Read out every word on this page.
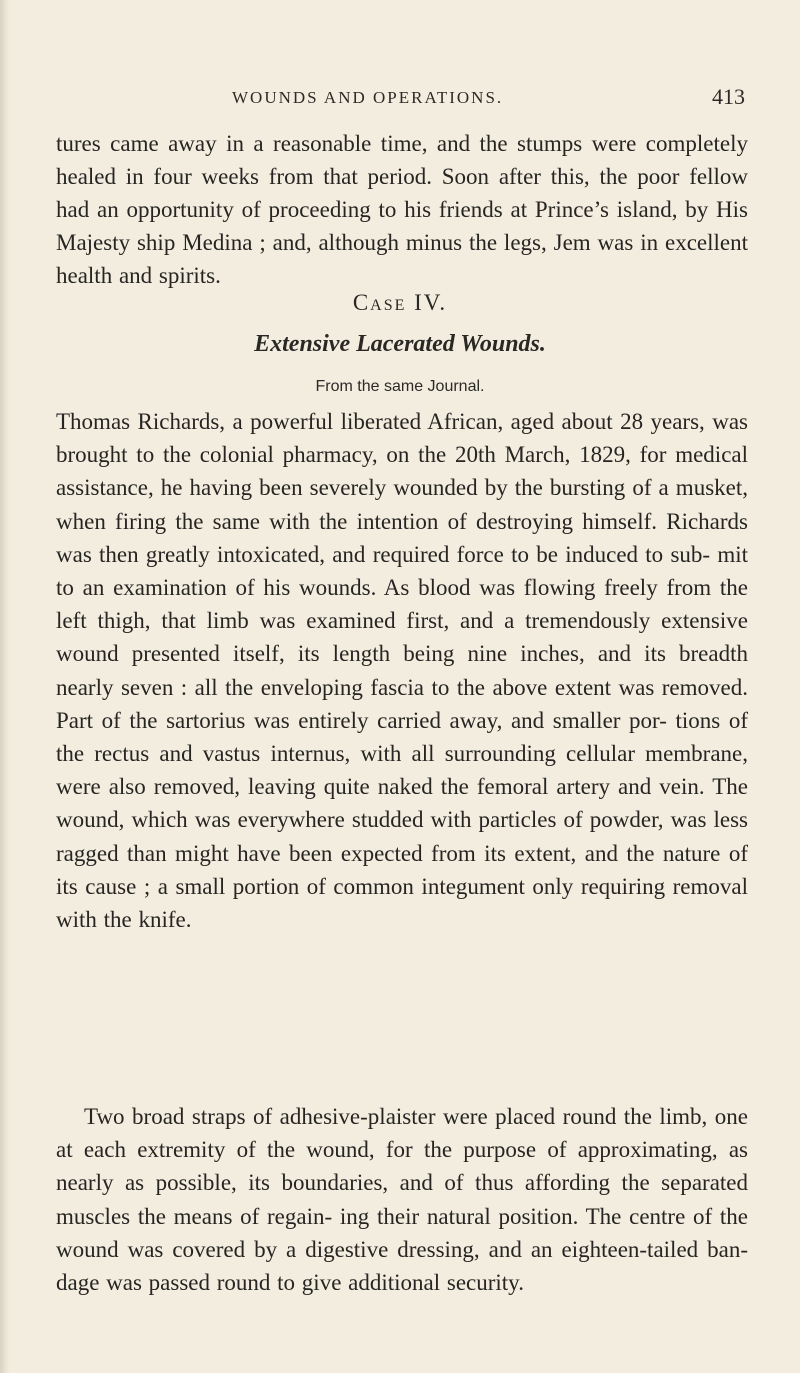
WOUNDS AND OPERATIONS.	413

tures came away in a reasonable time, and the stumps were completely healed in four weeks from that period. Soon after this, the poor fellow had an opportunity of proceeding to his friends at Prince’s island, by His Majesty ship Medina ; and, although minus the legs, Jem was in excellent health and spirits.

Case IV.
Extensive Lacerated Wounds.
From the same Journal.

Thomas Richards, a powerful liberated African, aged about 28 years, was brought to the colonial pharmacy, on the 20th March, 1829, for medical assistance, he having been severely wounded by the bursting of a musket, when firing the same with the intention of destroying himself. Richards was then greatly intoxicated, and required force to be induced to sub- mit to an examination of his wounds. As blood was flowing freely from the left thigh, that limb was examined first, and a tremendously extensive wound presented itself, its length being nine inches, and its breadth nearly seven : all the enveloping fascia to the above extent was removed. Part of the sartorius was entirely carried away, and smaller por- tions of the rectus and vastus internus, with all surrounding cellular membrane, were also removed, leaving quite naked the femoral artery and vein. The wound, which was everywhere studded with particles of powder, was less ragged than might have been expected from its extent, and the nature of its cause ; a small portion of common integument only requiring removal with the knife.

Two broad straps of adhesive-plaister were placed round the limb, one at each extremity of the wound, for the purpose of approximating, as nearly as possible, its boundaries, and of thus affording the separated muscles the means of regain- ing their natural position. The centre of the wound was covered by a digestive dressing, and an eighteen-tailed ban- dage was passed round to give additional security.
